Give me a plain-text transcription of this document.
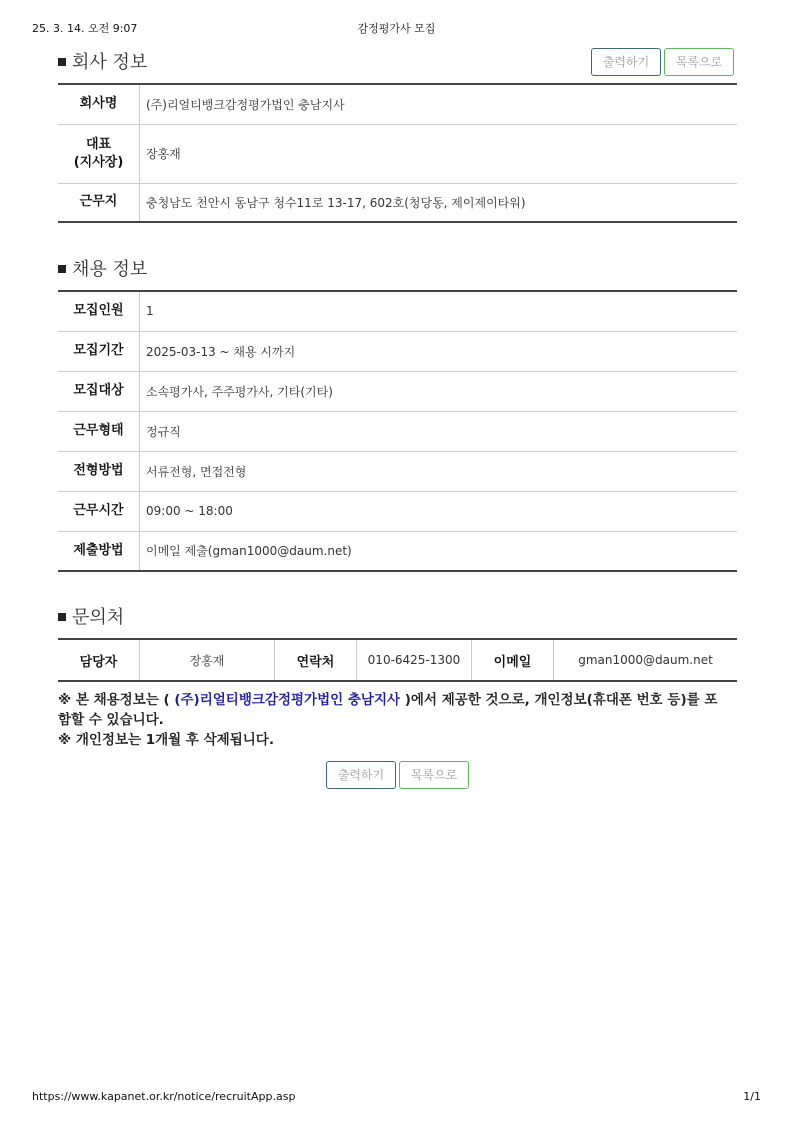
25. 3. 14. 오전 9:07	감정평가사 모집
회사 정보	출력하기	목록으로
회사명	(주)리얼티뱅크감정평가법인 충남지사

대표
(지사장)	장홍재
근무지	충청남도 천안시 동남구 청수11로 13-17, 602호(청당동, 제이제이타워)
채용 정보
모집인원	1
모집기간	2025-03-13 ~ 채용 시까지
모집대상	소속평가사, 주주평가사, 기타(기타)
근무형태	정규직
전형방법	서류전형, 면접전형
근무시간	09:00 ~ 18:00
제출방법	이메일 제출(gman1000@daum.net)
문의처
담당자	장홍재	연락처	010-6425-1300	이메일	gman1000@daum.net
※ 본 채용정보는 ( (주)리얼티뱅크감정평가법인 충남지사 )에서 제공한 것으로, 개인정보(휴대폰 번호 등)를 포
함할 수 있습니다.
※ 개인정보는 1개월 후 삭제됩니다.
출력하기	목록으로
https://www.kapanet.or.kr/notice/recruitApp.asp	1/1
